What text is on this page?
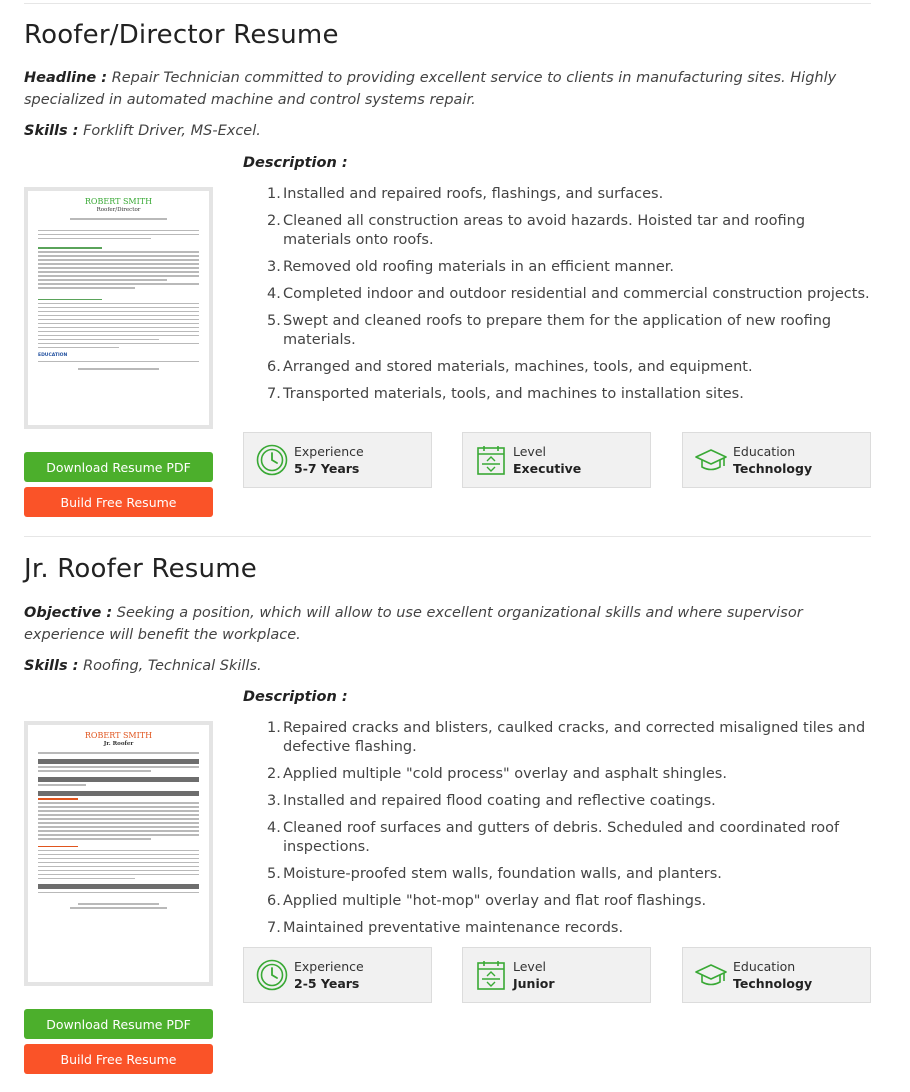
Roofer/Director Resume

Headline : Repair Technician committed to providing excellent service to clients in manufacturing sites. Highly specialized in automated machine and control systems repair.

Skills : Forklift Driver, MS-Excel.

ROBERT SMITH
Roofer/Director
EDUCATION
Download Resume PDF
Build Free Resume
Description :
1. Installed and repaired roofs, flashings, and surfaces.
2. Cleaned all construction areas to avoid hazards. Hoisted tar and roofing materials onto roofs.
3. Removed old roofing materials in an efficient manner.
4. Completed indoor and outdoor residential and commercial construction projects.
5. Swept and cleaned roofs to prepare them for the application of new roofing materials.
6. Arranged and stored materials, machines, tools, and equipment.
7. Transported materials, tools, and machines to installation sites.
Experience
5-7 Years
Level
Executive
Education
Technology
Jr. Roofer Resume

Objective : Seeking a position, which will allow to use excellent organizational skills and where supervisor experience will benefit the workplace.

Skills : Roofing, Technical Skills.

ROBERT SMITH
Jr. Roofer
Download Resume PDF
Build Free Resume
Description :
1. Repaired cracks and blisters, caulked cracks, and corrected misaligned tiles and defective flashing.
2. Applied multiple "cold process" overlay and asphalt shingles.
3. Installed and repaired flood coating and reflective coatings.
4. Cleaned roof surfaces and gutters of debris. Scheduled and coordinated roof inspections.
5. Moisture-proofed stem walls, foundation walls, and planters.
6. Applied multiple "hot-mop" overlay and flat roof flashings.
7. Maintained preventative maintenance records.
Experience
2-5 Years
Level
Junior
Education
Technology
